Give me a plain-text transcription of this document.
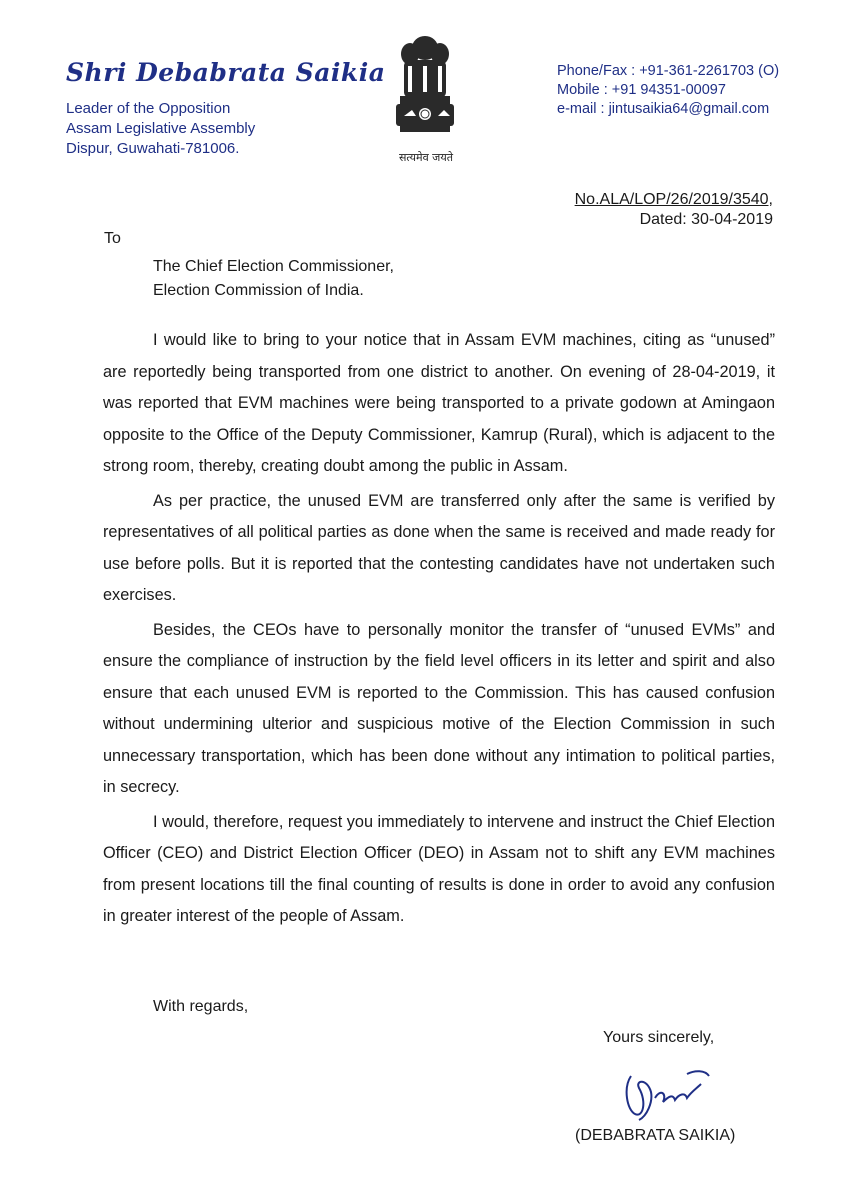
Shri Debabrata Saikia
Leader of the Opposition
Assam Legislative Assembly
Dispur, Guwahati-781006.
सत्यमेव जयते
Phone/Fax : +91-361-2261703 (O)
Mobile : +91 94351-00097
e-mail : jintusaikia64@gmail.com
No.ALA/LOP/26/2019/3540,
Dated: 30-04-2019
To
The Chief Election Commissioner,
Election Commission of India.

I would like to bring to your notice that in Assam EVM machines, citing as “unused” are reportedly being transported from one district to another. On evening of 28-04-2019, it was reported that EVM machines were being transported to a private godown at Amingaon opposite to the Office of the Deputy Commissioner, Kamrup (Rural), which is adjacent to the strong room, thereby, creating doubt among the public in Assam.

As per practice, the unused EVM are transferred only after the same is verified by representatives of all political parties as done when the same is received and made ready for use before polls. But it is reported that the contesting candidates have not undertaken such exercises.

Besides, the CEOs have to personally monitor the transfer of “unused EVMs” and ensure the compliance of instruction by the field level officers in its letter and spirit and also ensure that each unused EVM is reported to the Commission. This has caused confusion without undermining ulterior and suspicious motive of the Election Commission in such unnecessary transportation, which has been done without any intimation to political parties, in secrecy.

I would, therefore, request you immediately to intervene and instruct the Chief Election Officer (CEO) and District Election Officer (DEO) in Assam not to shift any EVM machines from present locations till the final counting of results is done in order to avoid any confusion in greater interest of the people of Assam.

With regards,
Yours sincerely,
(DEBABRATA SAIKIA)
